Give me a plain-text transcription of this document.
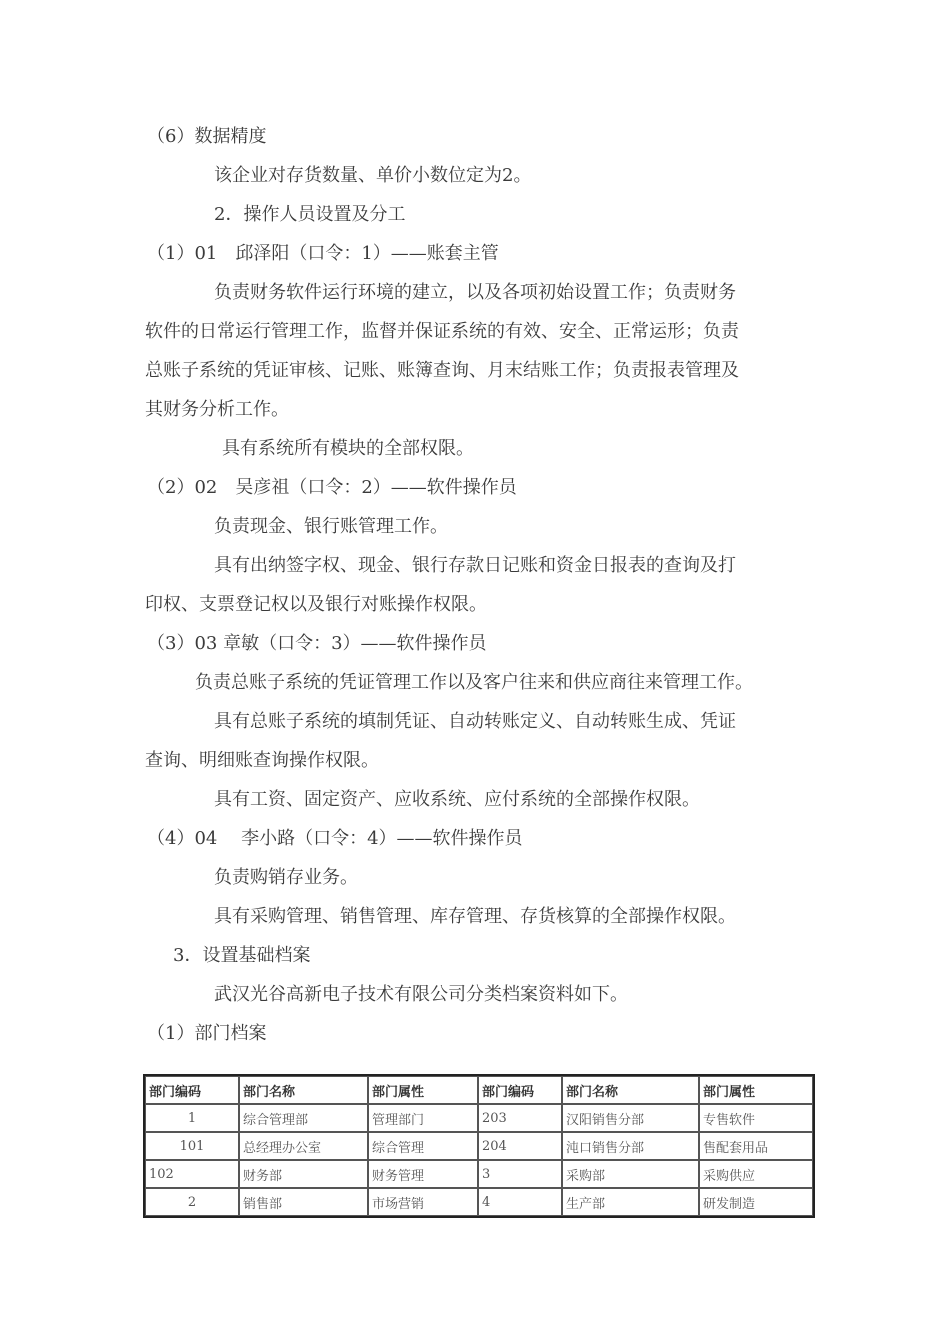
（6）数据精度
该企业对存货数量、单价小数位定为2。
2．操作人员设置及分工
（1）01　邱泽阳（口令：1）——账套主管
负责财务软件运行环境的建立，以及各项初始设置工作；负责财务
软件的日常运行管理工作，监督并保证系统的有效、安全、正常运形；负责
总账子系统的凭证审核、记账、账簿查询、月末结账工作；负责报表管理及
其财务分析工作。
具有系统所有模块的全部权限。
（2）02　吴彦祖（口令：2）——软件操作员
负责现金、银行账管理工作。
具有出纳签字权、现金、银行存款日记账和资金日报表的查询及打
印权、支票登记权以及银行对账操作权限。
（3）03 章敏（口令：3）——软件操作员
负责总账子系统的凭证管理工作以及客户往来和供应商往来管理工作。
具有总账子系统的填制凭证、自动转账定义、自动转账生成、凭证
查询、明细账查询操作权限。
具有工资、固定资产、应收系统、应付系统的全部操作权限。
（4）04　 李小路（口令：4）——软件操作员
负责购销存业务。
具有采购管理、销售管理、库存管理、存货核算的全部操作权限。
3．设置基础档案
武汉光谷高新电子技术有限公司分类档案资料如下。
（1）部门档案
部门编码	部门名称	部门属性	部门编码	部门名称	部门属性
1	综合管理部	管理部门	203	汉阳销售分部	专售软件
101	总经理办公室	综合管理	204	沌口销售分部	售配套用品
102	财务部	财务管理	3	采购部	采购供应
2	销售部	市场营销	4	生产部	研发制造
